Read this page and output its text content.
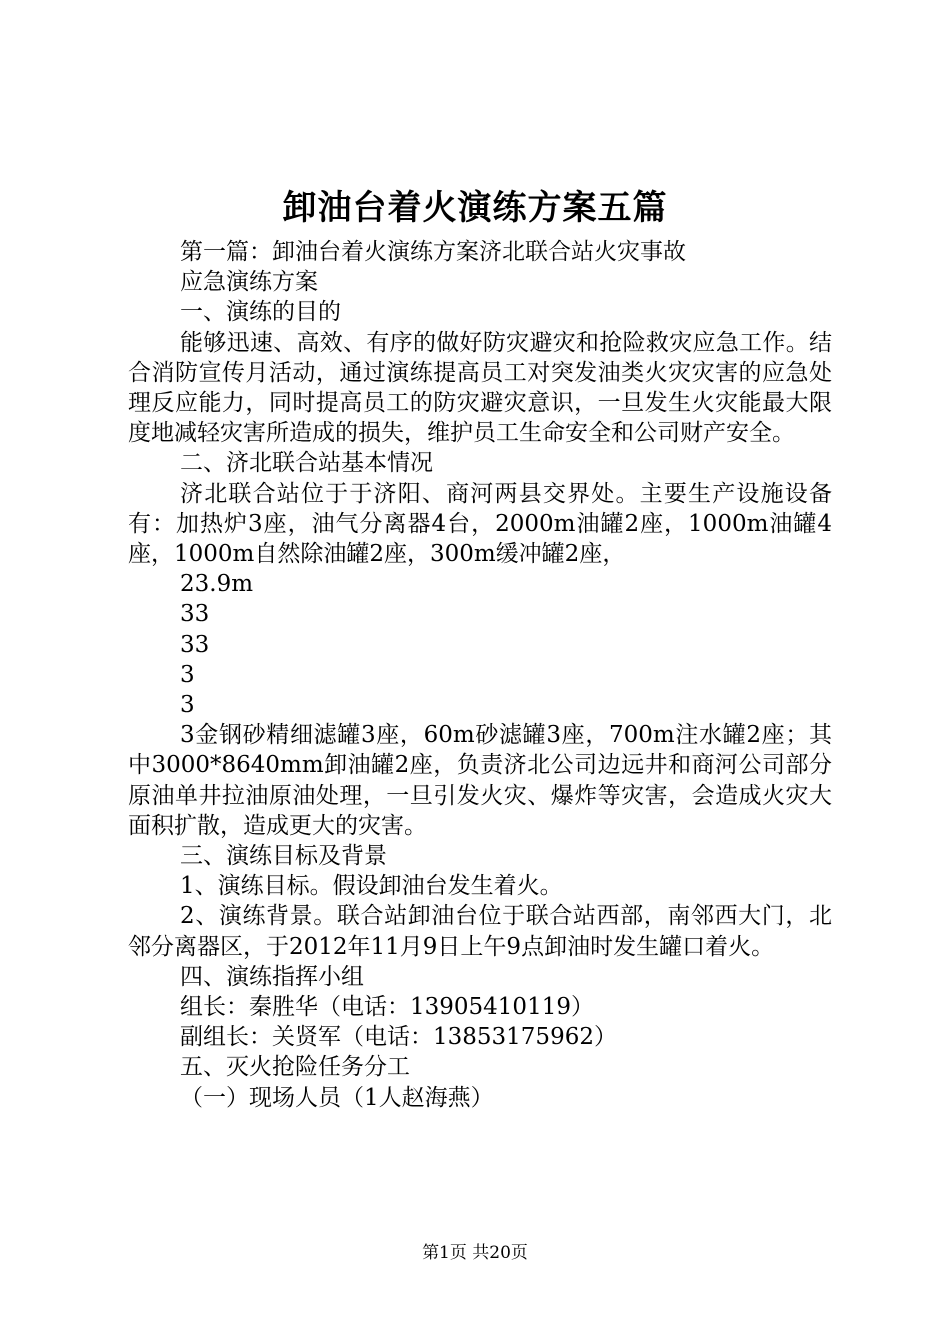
卸油台着火演练方案五篇

第一篇：卸油台着火演练方案济北联合站火灾事故

应急演练方案

一、演练的目的

能够迅速、高效、有序的做好防灾避灾和抢险救灾应急工作。结合消防宣传月活动，通过演练提高员工对突发油类火灾灾害的应急处理反应能力，同时提高员工的防灾避灾意识，一旦发生火灾能最大限度地减轻灾害所造成的损失，维护员工生命安全和公司财产安全。

二、济北联合站基本情况

济北联合站位于于济阳、商河两县交界处。主要生产设施设备有：加热炉3座，油气分离器4台，2000m油罐2座，1000m油罐4座，1000m自然除油罐2座，300m缓冲罐2座，

23.9m

33

33

3

3

3金钢砂精细滤罐3座，60m砂滤罐3座，700m注水罐2座；其中3000*8640mm卸油罐2座，负责济北公司边远井和商河公司部分原油单井拉油原油处理，一旦引发火灾、爆炸等灾害，会造成火灾大面积扩散，造成更大的灾害。

三、演练目标及背景

1、演练目标。假设卸油台发生着火。

2、演练背景。联合站卸油台位于联合站西部，南邻西大门，北邻分离器区，于2012年11月9日上午9点卸油时发生罐口着火。

四、演练指挥小组

组长：秦胜华（电话：13905410119）

副组长：关贤军（电话：13853175962）

五、灭火抢险任务分工

（一）现场人员（1人赵海燕）

第1页 共20页
